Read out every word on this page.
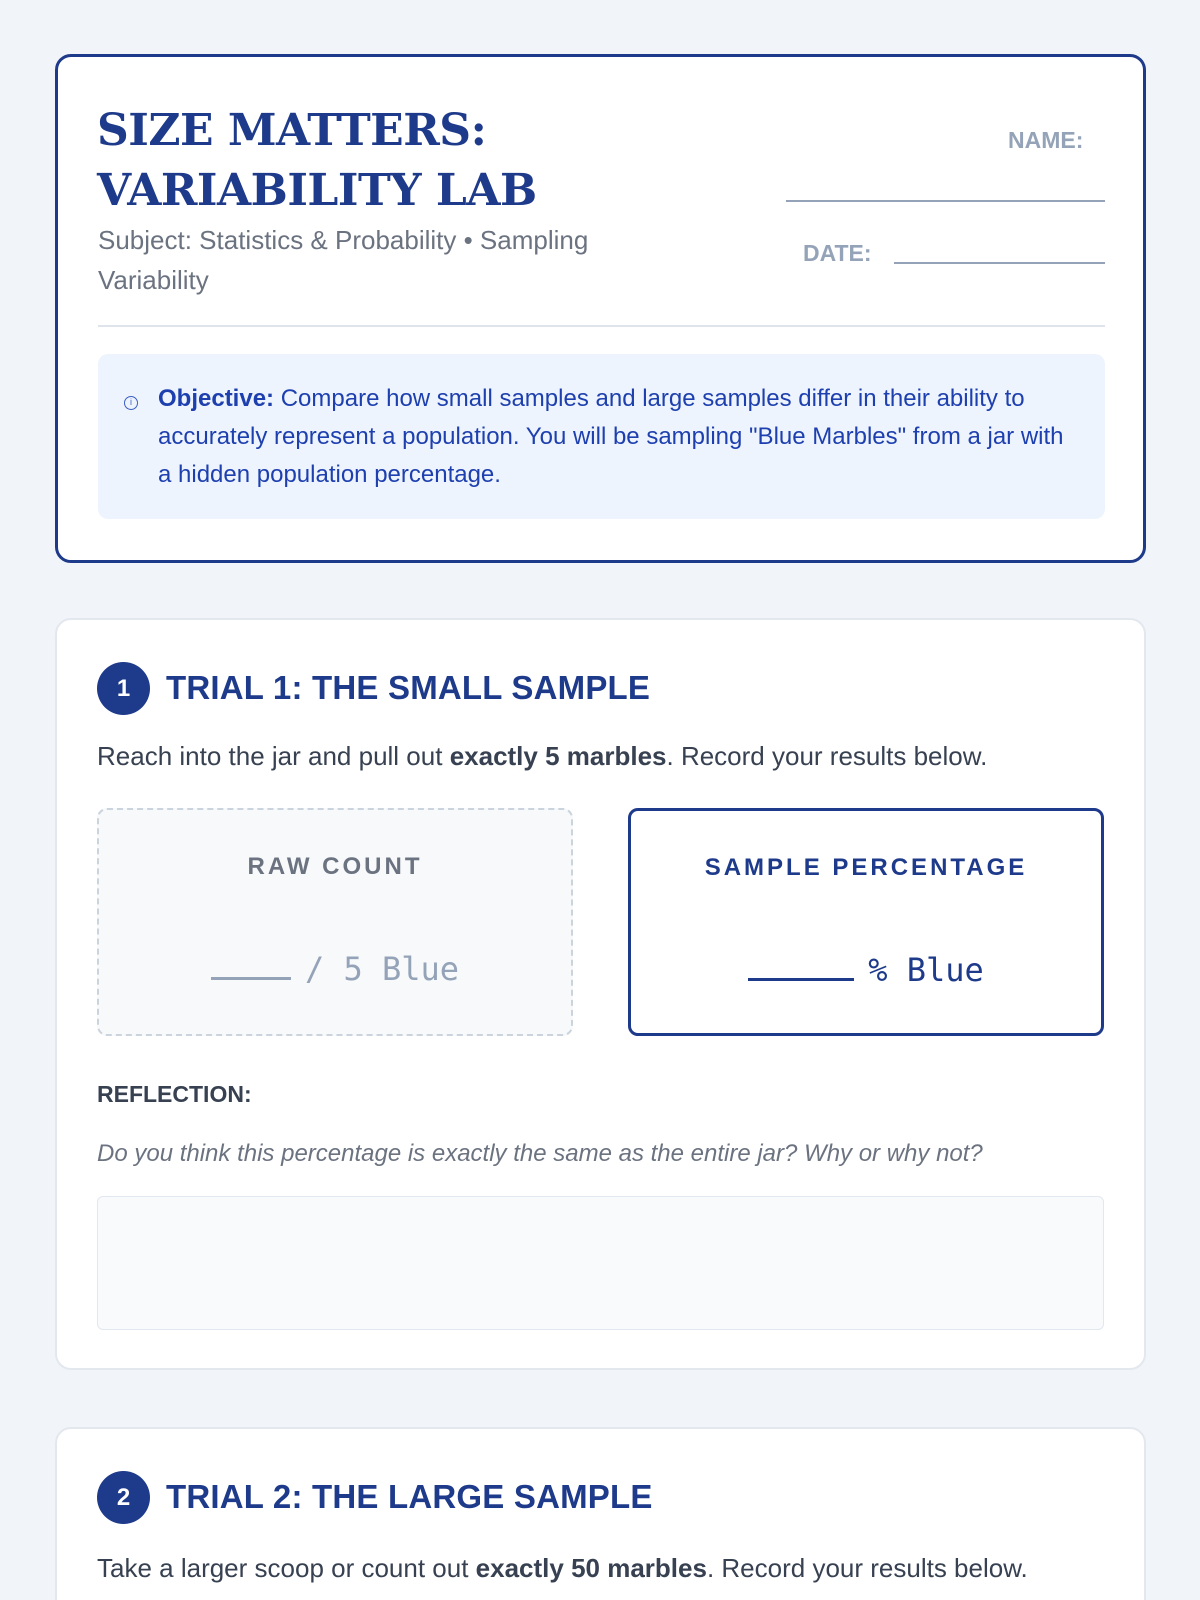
SIZE MATTERS:
VARIABILITY LAB
Subject: Statistics & Probability • Sampling Variability
NAME:
DATE:
i Objective: Compare how small samples and large samples differ in their ability to accurately represent a population. You will be sampling "Blue Marbles" from a jar with a hidden population percentage.

1	TRIAL 1: THE SMALL SAMPLE

Reach into the jar and pull out exactly 5 marbles. Record your results below.

RAW COUNT
/ 5 Blue
SAMPLE PERCENTAGE
% Blue
REFLECTION:
Do you think this percentage is exactly the same as the entire jar? Why or why not?
2	TRIAL 2: THE LARGE SAMPLE

Take a larger scoop or count out exactly 50 marbles. Record your results below.
